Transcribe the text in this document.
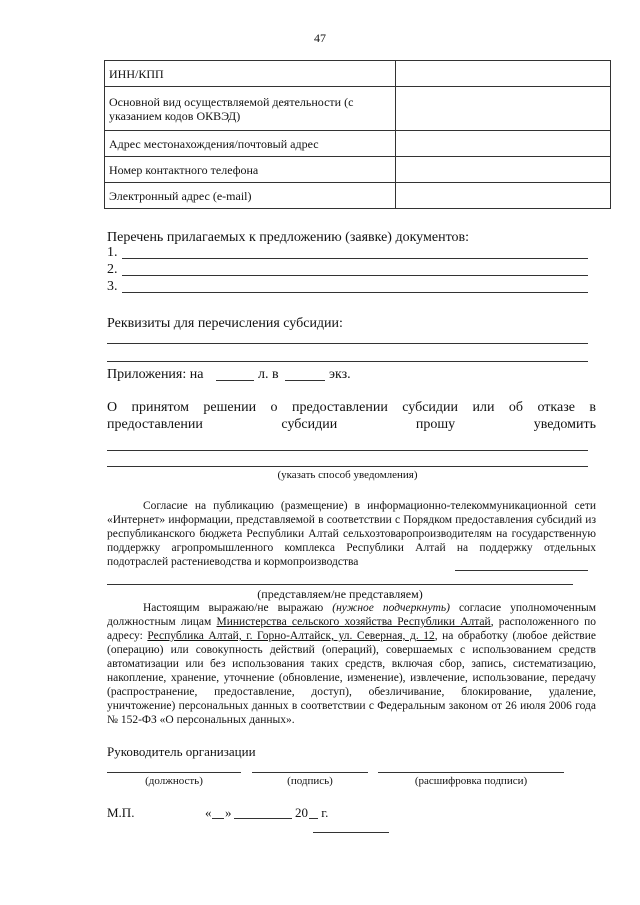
47
ИНН/КПП	
Основной вид осуществляемой деятельности (с указанием кодов ОКВЭД)	
Адрес местонахождения/почтовый адрес	
Номер контактного телефона	
Электронный адрес (e-mail)	
Перечень прилагаемых к предложению (заявке) документов:
1.
2.
3.
Реквизиты для перечисления субсидии:
Приложения: на	л. в	экз.
О принятом решении о предоставлении субсидии или об отказе в предоставлении субсидии прошу уведомить
(указать способ уведомления)
Согласие на публикацию (размещение) в информационно-телекоммуникационной сети «Интернет» информации, представляемой в соответствии с Порядком предоставления субсидий из республиканского бюджета Республики Алтай сельхозтоваропроизводителям на государственную поддержку агропромышленного комплекса Республики Алтай на поддержку отдельных подотраслей растениеводства и кормопроизводства
(представляем/не представляем)
Настоящим выражаю/не выражаю (нужное подчеркнуть) согласие уполномоченным должностным лицам Министерства сельского хозяйства Республики Алтай, расположенного по адресу: Республика Алтай, г. Горно-Алтайск, ул. Северная, д. 12, на обработку (любое действие (операцию) или совокупность действий (операций), совершаемых с использованием средств автоматизации или без использования таких средств, включая сбор, запись, систематизацию, накопление, хранение, уточнение (обновление, изменение), извлечение, использование, передачу (распространение, предоставление, доступ), обезличивание, блокирование, удаление, уничтожение) персональных данных в соответствии с Федеральным законом от 26 июля 2006 года № 152-ФЗ «О персональных данных».
Руководитель организации
(должность)	(подпись)	(расшифровка подписи)
М.П.	« »	20 г.
